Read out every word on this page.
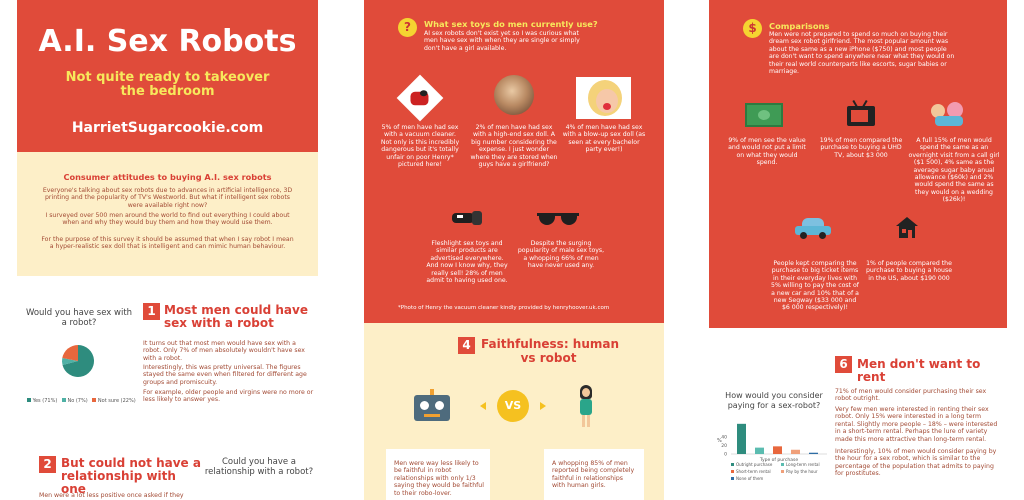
A.I. Sex Robots
Not quite ready to takeover
the bedroom
HarrietSugarcookie.com
Consumer attitudes to buying A.I. sex robots
Everyone's talking about sex robots due to advances in artificial intelligence, 3D printing and the popularity of TV's Westworld. But what if intelligent sex robots were available right now?
I surveyed over 500 men around the world to find out everything I could about when and why they would buy them and how they would use them.
For the purpose of this survey it should be assumed that when I say robot I mean a hyper-realistic sex doll that is intelligent and can mimic human behaviour.
Would you have sex with a robot?
Yes (71%) No (7%) Not sure (22%)
1 Most men could have sex with a robot
It turns out that most men would have sex with a robot. Only 7% of men absolutely wouldn't have sex with a robot.
Interestingly, this was pretty universal. The figures stayed the same even when filtered for different age groups and promiscuity.
For example, older people and virgins were no more or less likely to answer yes.
2 But could not have a relationship with one
Could you have a relationship with a robot?
Men were a lot less positive once asked if they
?	What sex toys do men currently use?
AI sex robots don't exist yet so I was curious what men have sex with when they are single or simply don't have a girl available.
5% of men have had sex with a vacuum cleaner. Not only is this incredibly dangerous but it's totally unfair on poor Henry* pictured here!
2% of men have had sex with a high-end sex doll. A big number considering the expense. I just wonder where they are stored when guys have a girlfriend?
4% of men have had sex with a blow-up sex doll (as seen at every bachelor party ever!)
Fleshlight sex toys and similar products are advertised everywhere. And now I know why, they really sell! 28% of men admit to having used one.
Despite the surging popularity of male sex toys, a whopping 66% of men have never used any.
*Photo of Henry the vacuum cleaner kindly provided by henryhoover.uk.com
4 Faithfulness: human
vs robot
VS
Men were way less likely to be faithful in robot relationships with only 1/3 saying they would be faithful to their robo-lover.
A whopping 85% of men reported being completely faithful in relationships with human girls.
$	Comparisons
Men were not prepared to spend so much on buying their dream sex robot girlfriend. The most popular amount was about the same as a new iPhone ($750) and most people are don't want to spend anywhere near what they would on their real world counterparts like escorts, sugar babies or marriage.
9% of men see the value and would not put a limit on what they would spend.
19% of men compared the purchase to buying a UHD TV, about $3 000
A full 15% of men would spend the same as an overnight visit from a call girl ($1 500), 4% same as the average sugar baby anual allowance ($60k) and 2% would spend the same as they would on a wedding ($26k)!
People kept comparing the purchase to big ticket items in their everyday lives with 5% willing to pay the cost of a new car and 10% that of a new Segway ($33 000 and $6 000 respectively)!
1% of people compared the purchase to buying a house in the US, about $190 000
6 Men don't want to rent
How would you consider paying for a sex-robot?
%
0
20
40
Type of purchase
Outright purchase	Long-term rental
Short-term rental	Pay by the hour
None of them
71% of men would consider purchasing their sex robot outright.
Very few men were interested in renting their sex robot. Only 15% were interested in a long term rental. Slightly more people – 18% – were interested in a short-term rental. Perhaps the lure of variety made this more attractive than long-term rental.
Interestingly, 10% of men would consider paying by the hour for a sex robot, which is similar to the percentage of the population that admits to paying for prostitutes.
